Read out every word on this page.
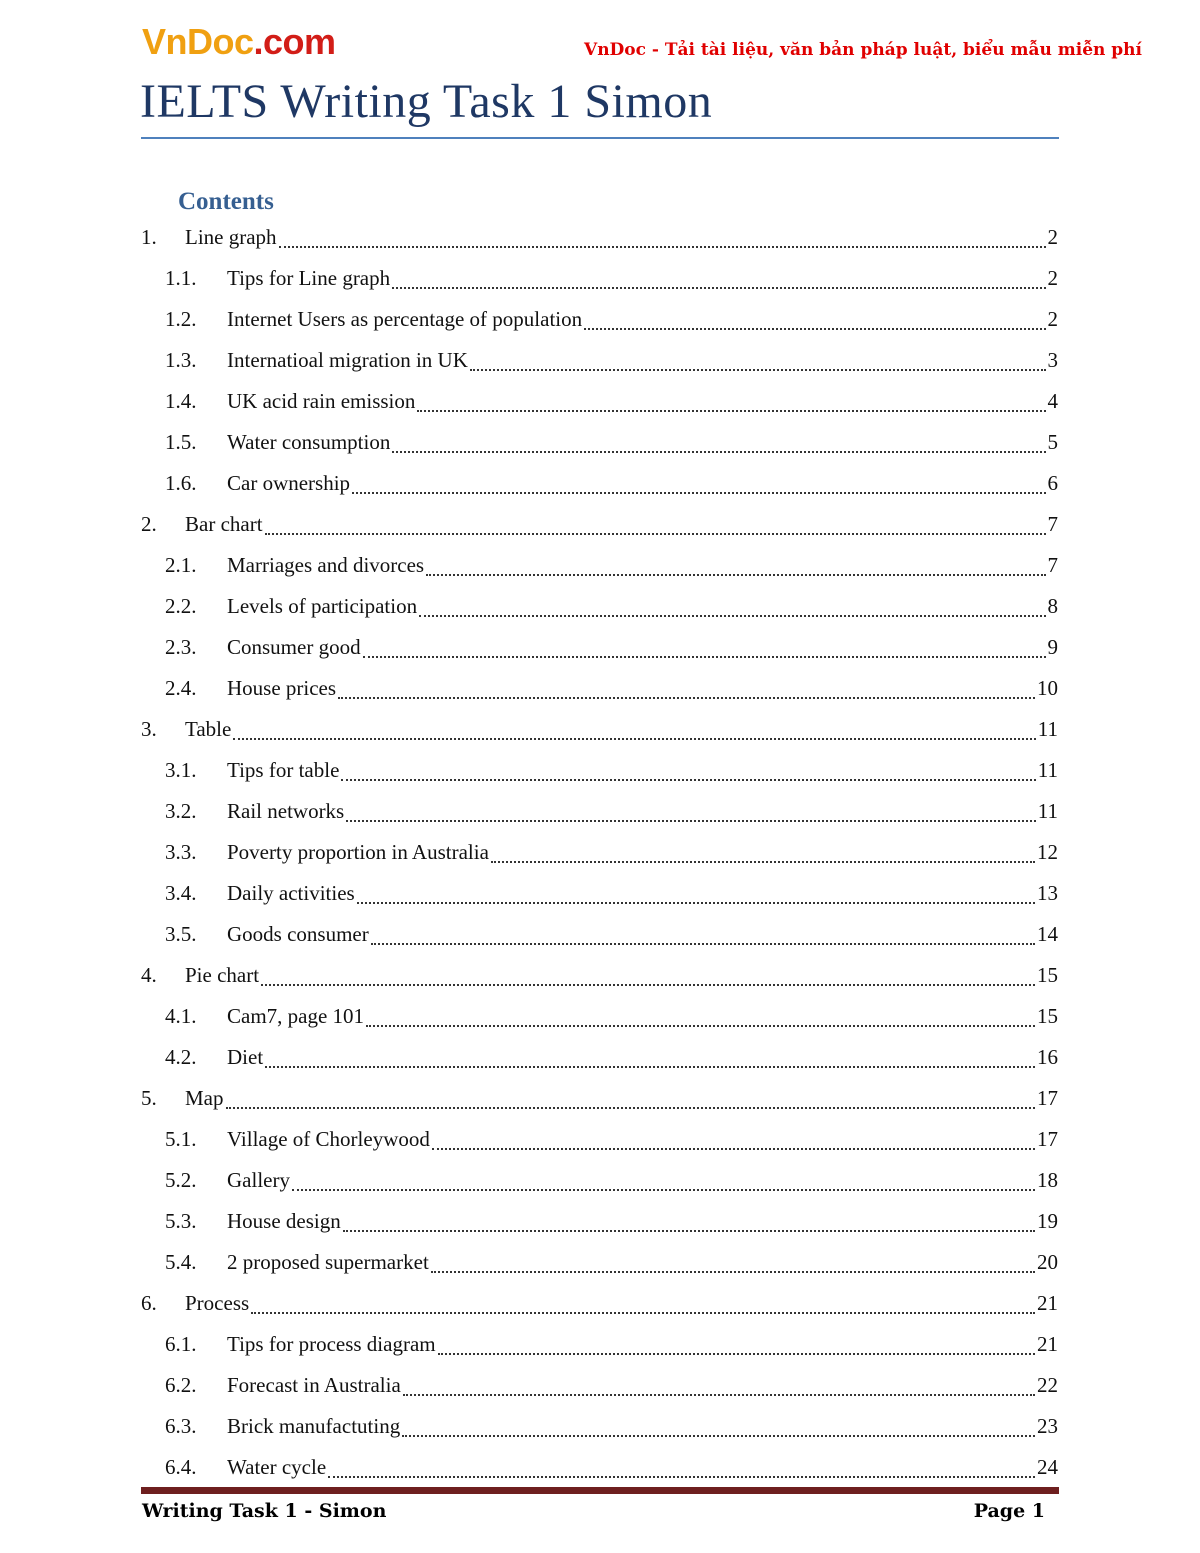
VnDoc.com	VnDoc - Tải tài liệu, văn bản pháp luật, biểu mẫu miễn phí
IELTS Writing Task 1 Simon
Contents
1.	Line graph	2
1.1.	Tips for Line graph	2
1.2.	Internet Users as percentage of population	2
1.3.	Internatioal migration in UK	3
1.4.	UK acid rain emission	4
1.5.	Water consumption	5
1.6.	Car ownership	6
2.	Bar chart	7
2.1.	Marriages and divorces	7
2.2.	Levels of participation	8
2.3.	Consumer good	9
2.4.	House prices	10
3.	Table	11
3.1.	Tips for table	11
3.2.	Rail networks	11
3.3.	Poverty proportion in Australia	12
3.4.	Daily activities	13
3.5.	Goods consumer	14
4.	Pie chart	15
4.1.	Cam7, page 101	15
4.2.	Diet	16
5.	Map	17
5.1.	Village of Chorleywood	17
5.2.	Gallery	18
5.3.	House design	19
5.4.	2 proposed supermarket	20
6.	Process	21
6.1.	Tips for process diagram	21
6.2.	Forecast in Australia	22
6.3.	Brick manufactuting	23
6.4.	Water cycle	24
Writing Task 1 - Simon	Page 1
